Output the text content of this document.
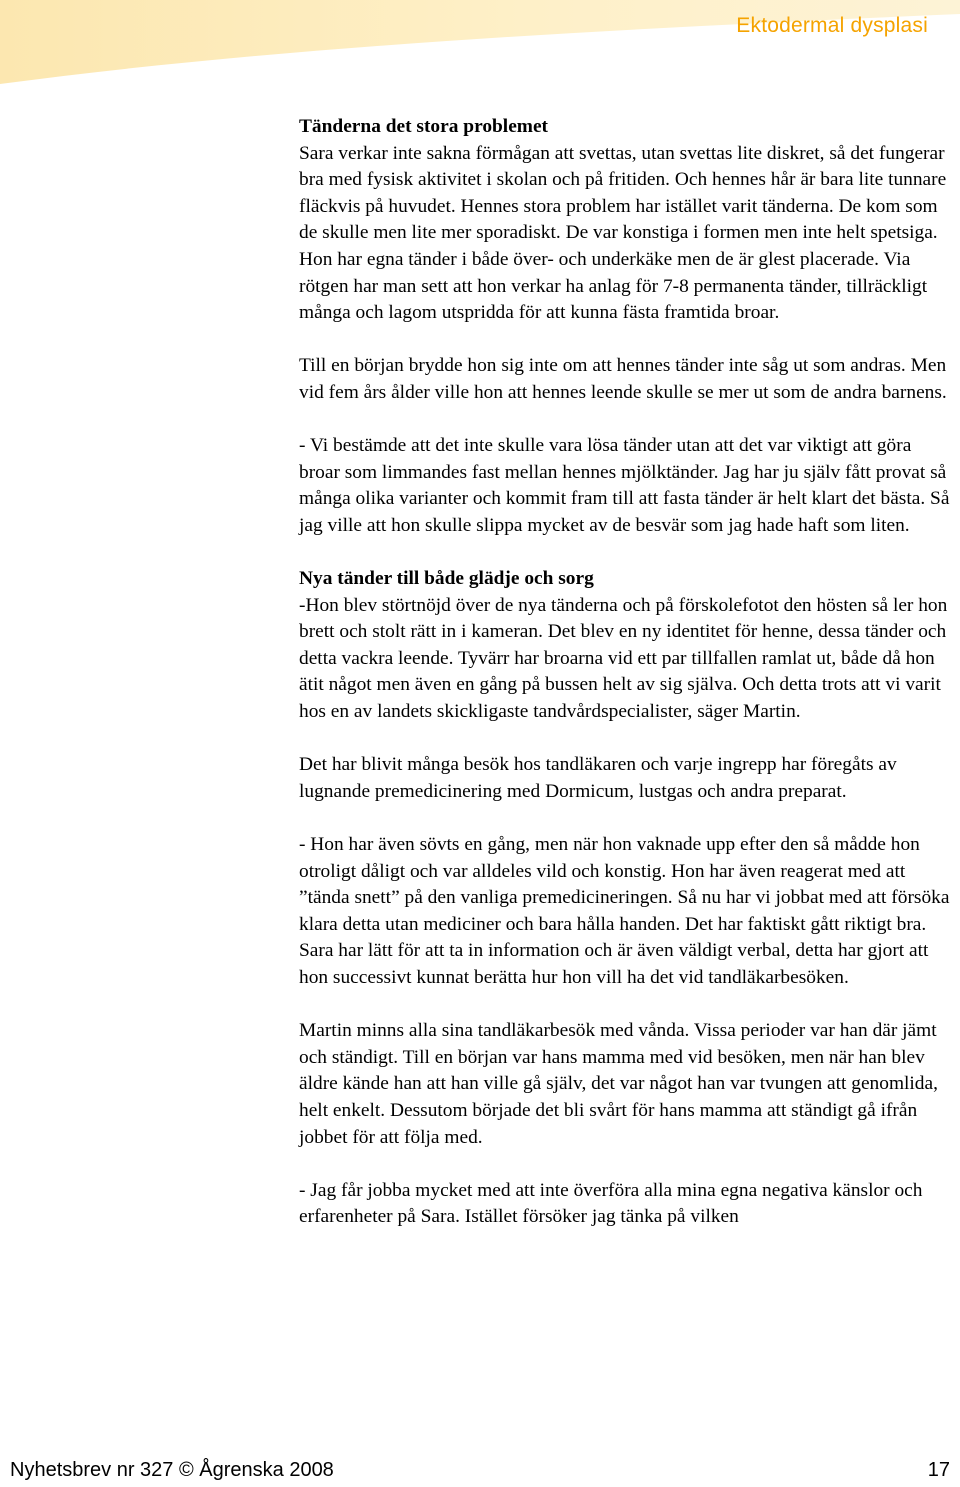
Ektodermal dysplasi
Tänderna det stora problemet

Sara verkar inte sakna förmågan att svettas, utan svettas lite diskret, så det fungerar bra med fysisk aktivitet i skolan och på fritiden. Och hennes hår är bara lite tunnare fläckvis på huvudet. Hennes stora problem har istället varit tänderna. De kom som de skulle men lite mer sporadiskt. De var konstiga i formen men inte helt spetsiga. Hon har egna tänder i både över- och underkäke men de är glest placerade. Via rötgen har man sett att hon verkar ha anlag för 7-8 permanenta tänder, tillräckligt många och lagom utspridda för att kunna fästa framtida broar.

Till en början brydde hon sig inte om att hennes tänder inte såg ut som andras. Men vid fem års ålder ville hon att hennes leende skulle se mer ut som de andra barnens.

- Vi bestämde att det inte skulle vara lösa tänder utan att det var viktigt att göra broar som limmandes fast mellan hennes mjölktänder. Jag har ju själv fått provat så många olika varianter och kommit fram till att fasta tänder är helt klart det bästa. Så jag ville att hon skulle slippa mycket av de besvär som jag hade haft som liten.

Nya tänder till både glädje och sorg

-Hon blev störtnöjd över de nya tänderna och på förskolefotot den hösten så ler hon brett och stolt rätt in i kameran. Det blev en ny identitet för henne, dessa tänder och detta vackra leende. Tyvärr har broarna vid ett par tillfallen ramlat ut, både då hon ätit något men även en gång på bussen helt av sig själva. Och detta trots att vi varit hos en av landets skickligaste tandvårdspecialister, säger Martin.

Det har blivit många besök hos tandläkaren och varje ingrepp har föregåts av lugnande premedicinering med Dormicum, lustgas och andra preparat.

- Hon har även sövts en gång, men när hon vaknade upp efter den så mådde hon otroligt dåligt och var alldeles vild och konstig. Hon har även reagerat med att ”tända snett” på den vanliga premedicineringen. Så nu har vi jobbat med att försöka klara detta utan mediciner och bara hålla handen. Det har faktiskt gått riktigt bra. Sara har lätt för att ta in information och är även väldigt verbal, detta har gjort att hon successivt kunnat berätta hur hon vill ha det vid tandläkarbesöken.

Martin minns alla sina tandläkarbesök med vånda. Vissa perioder var han där jämt och ständigt. Till en början var hans mamma med vid besöken, men när han blev äldre kände han att han ville gå själv, det var något han var tvungen att genomlida, helt enkelt. Dessutom började det bli svårt för hans mamma att ständigt gå ifrån jobbet för att följa med.

- Jag får jobba mycket med att inte överföra alla mina egna negativa känslor och erfarenheter på Sara. Istället försöker jag tänka på vilken

Nyhetsbrev nr 327 © Ågrenska 2008	17
